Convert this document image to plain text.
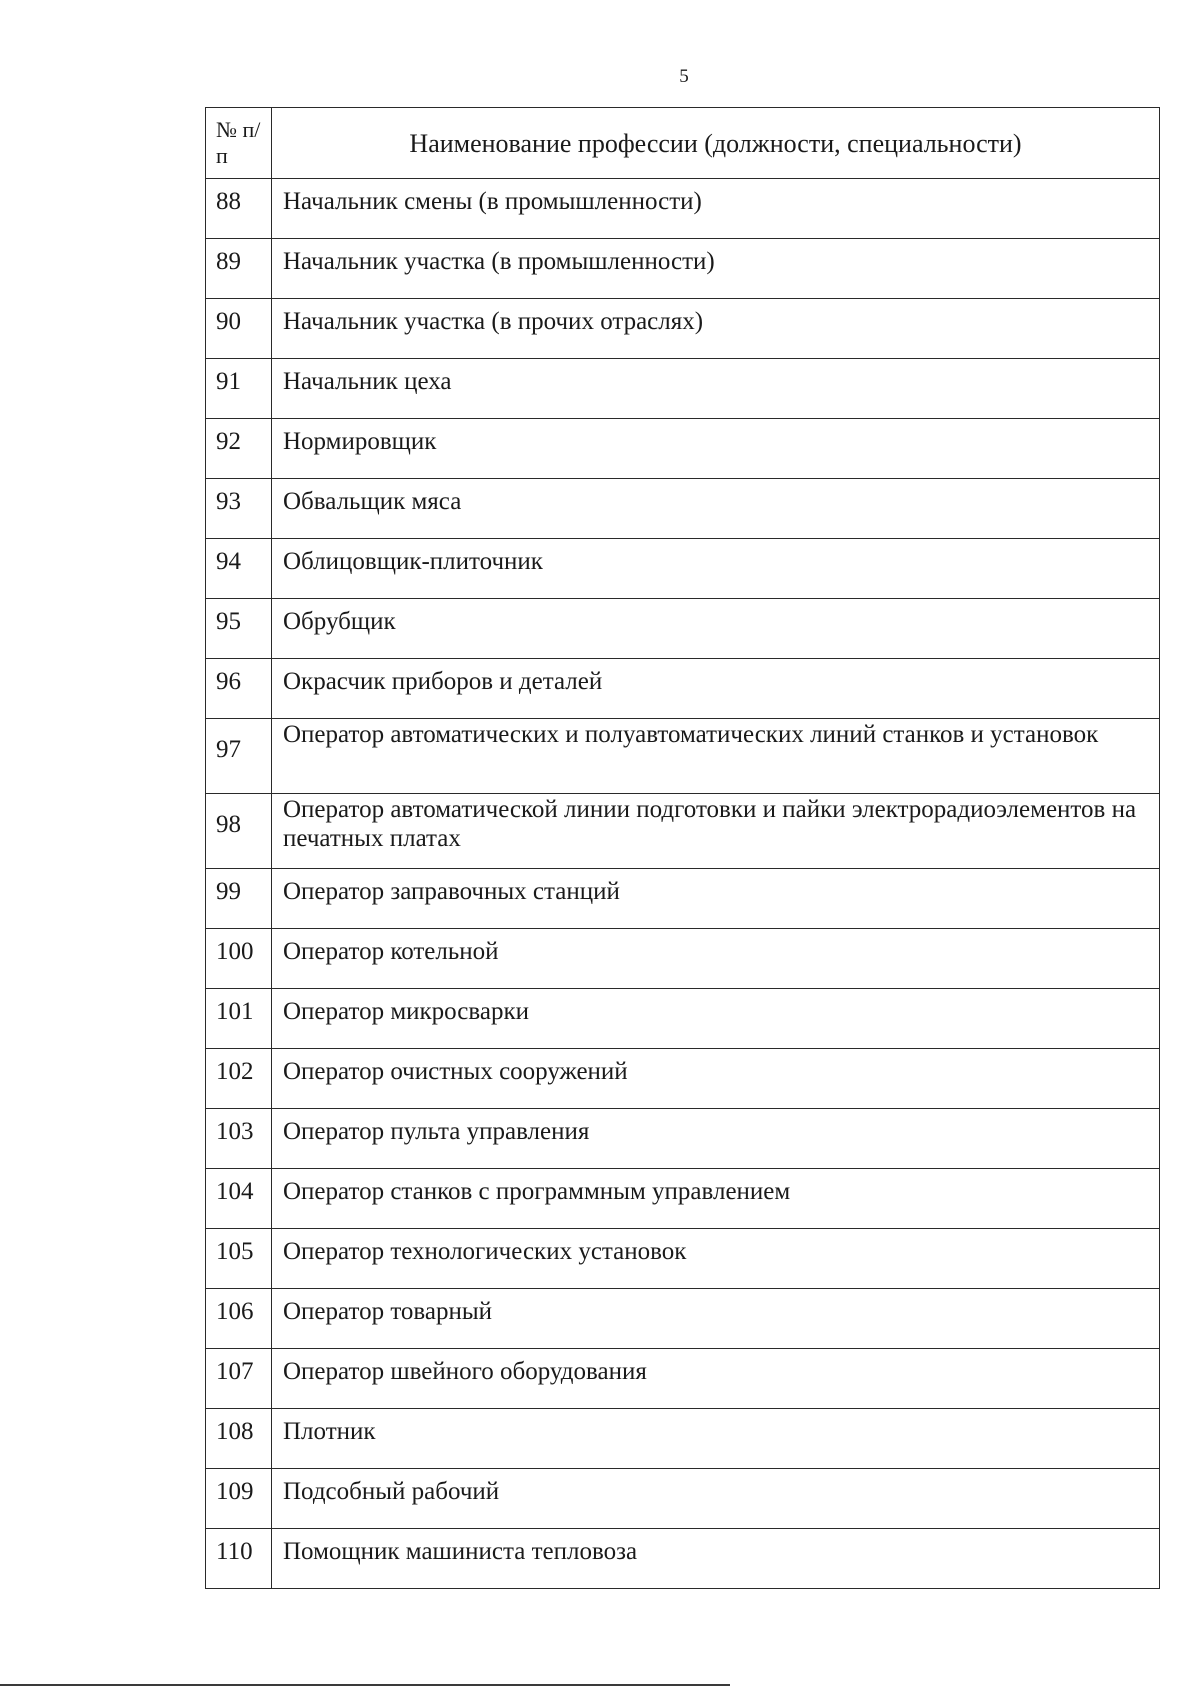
5
№ п/п	Наименование профессии (должности, специальности)
88	Начальник смены (в промышленности)
89	Начальник участка (в промышленности)
90	Начальник участка (в прочих отраслях)
91	Начальник цеха
92	Нормировщик
93	Обвальщик мяса
94	Облицовщик-плиточник
95	Обрубщик
96	Окрасчик приборов и деталей
97	Оператор автоматических и полуавтоматических линий станков и установок
98	Оператор автоматической линии подготовки и пайки электрорадиоэлементов на печатных платах
99	Оператор заправочных станций
100	Оператор котельной
101	Оператор микросварки
102	Оператор очистных сооружений
103	Оператор пульта управления
104	Оператор станков с программным управлением
105	Оператор технологических установок
106	Оператор товарный
107	Оператор швейного оборудования
108	Плотник
109	Подсобный рабочий
110	Помощник машиниста тепловоза
